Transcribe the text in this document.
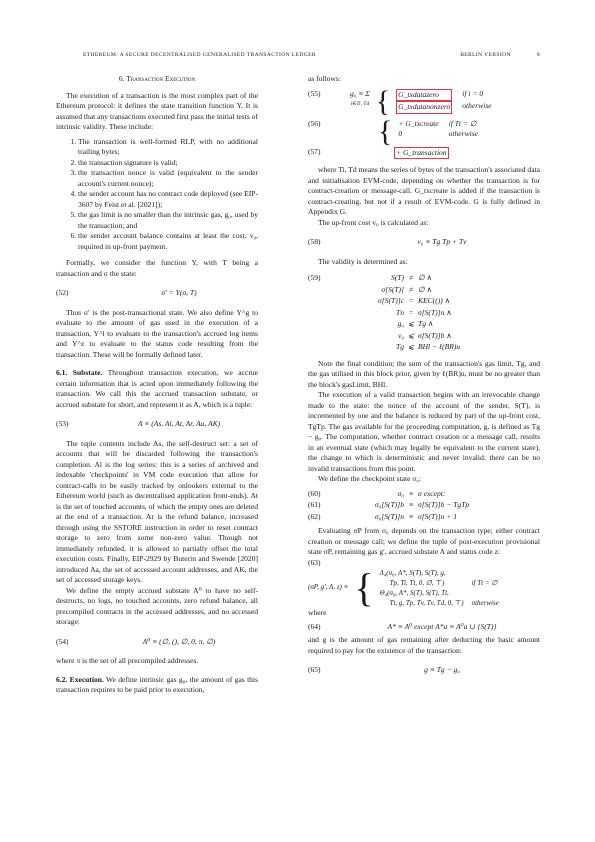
ETHEREUM: A SECURE DECENTRALISED GENERALISED TRANSACTION LEDGER	BERLIN VERSION	8
6. Transaction Execution

The execution of a transaction is the most complex part of the Ethereum protocol: it defines the state transition function Υ. It is assumed that any transactions executed first pass the initial tests of intrinsic validity. These include:

1. The transaction is well-formed RLP, with no additional trailing bytes;
2. the transaction signature is valid;
3. the transaction nonce is valid (equivalent to the sender account's current nonce);
4. the sender account has no contract code deployed (see EIP-3607 by Feist et al. [2021]);
5. the gas limit is no smaller than the intrinsic gas, g₀, used by the transaction; and
6. the sender account balance contains at least the cost, v₀, required in up-front payment.

Formally, we consider the function Υ, with T being a transaction and σ the state:

(52)	σ′ = Υ(σ, T)

Thus σ′ is the post-transactional state. We also define Υ^g to evaluate to the amount of gas used in the execution of a transaction, Υ^l to evaluate to the transaction's accrued log items and Υ^z to evaluate to the status code resulting from the transaction. These will be formally defined later.

6.1. Substate. Throughout transaction execution, we accrue certain information that is acted upon immediately following the transaction. We call this the accrued transaction substate, or accrued substate for short, and represent it as A, which is a tuple:

(53)	A ≡ (As, Al, At, Ar, Aa, AK)

The tuple contents include As, the self-destruct set: a set of accounts that will be discarded following the transaction's completion. Al is the log series: this is a series of archived and indexable 'checkpoints' in VM code execution that allow for contract-calls to be easily tracked by onlookers external to the Ethereum world (such as decentralised application front-ends). At is the set of touched accounts, of which the empty ones are deleted at the end of a transaction. Ar is the refund balance, increased through using the SSTORE instruction in order to reset contract storage to zero from some non-zero value. Though not immediately refunded, it is allowed to partially offset the total execution costs. Finally, EIP-2929 by Buterin and Swende [2020] introduced Aa, the set of accessed account addresses, and AK, the set of accessed storage keys.

We define the empty accrued substate A⁰ to have no self-destructs, no logs, no touched accounts, zero refund balance, all precompiled contracts in the accessed addresses, and no accessed storage:

(54)	A⁰ ≡ (∅, (), ∅, 0, π, ∅)

where π is the set of all precompiled addresses.

6.2. Execution. We define intrinsic gas g₀, the amount of gas this transaction requires to be paid prior to execution,

as follows:

(55)	g₀ ≡ Σ
i∈Ti, Td { G_txdatazero	if i = 0
G_txdatanonzero otherwise
(56)	{ + G_txcreate if Tt = ∅
0	otherwise
(57)	+ G_transaction

where Ti, Td means the series of bytes of the transaction's associated data and initialisation EVM-code, depending on whether the transaction is for contract-creation or message-call. G_txcreate is added if the transaction is contract-creating, but not if a result of EVM-code. G is fully defined in Appendix G.

The up-front cost v₀ is calculated as:

(58)	v₀ ≡ Tg Tp + Tv

The validity is determined as:

(59)	S(T) ≠ ∅ ∧
σ[S(T)] ≠ ∅ ∧
σ[S(T)]c = KEC(()) ∧
Tn = σ[S(T)]n ∧
g₀ ⩽ Tg ∧
v₀ ⩽ σ[S(T)]b ∧
Tg ⩽ BHl − ℓ(BR)u

Note the final condition; the sum of the transaction's gas limit, Tg, and the gas utilised in this block prior, given by ℓ(BR)u, must be no greater than the block's gasLimit, BHl.

The execution of a valid transaction begins with an irrevocable change made to the state: the nonce of the account of the sender, S(T), is incremented by one and the balance is reduced by part of the up-front cost, TgTp. The gas available for the proceeding computation, g, is defined as Tg − g₀. The computation, whether contract creation or a message call, results in an eventual state (which may legally be equivalent to the current state), the change to which is deterministic and never invalid: there can be no invalid transactions from this point.

We define the checkpoint state σ₀:

(60)	σ₀ ≡ σ except:
(61)	σ₀[S(T)]b ≡ σ[S(T)]b − TgTp
(62)	σ₀[S(T)]n ≡ σ[S(T)]n + 1

Evaluating σP from σ₀ depends on the transaction type; either contract creation or message call; we define the tuple of post-execution provisional state σP, remaining gas g′, accrued substate A and status code z:

(63)
(σP, g′, A, z) ≡ { Λ₄(σ₀, A*, S(T), S(T), g,
Tp, Ti, Tt, 0, ∅, ⊤)	if Tt = ∅
Θ₄(σ₀, A*, S(T), S(T), Tt,
Tt, g, Tp, Tv, Tv, Td, 0, ⊤) otherwise

where

(64)	A* ≡ A⁰ except A*a ≡ A⁰a ∪ {S(T)}

and g is the amount of gas remaining after deducting the basic amount required to pay for the existence of the transaction:

(65)	g ≡ Tg − g₀
